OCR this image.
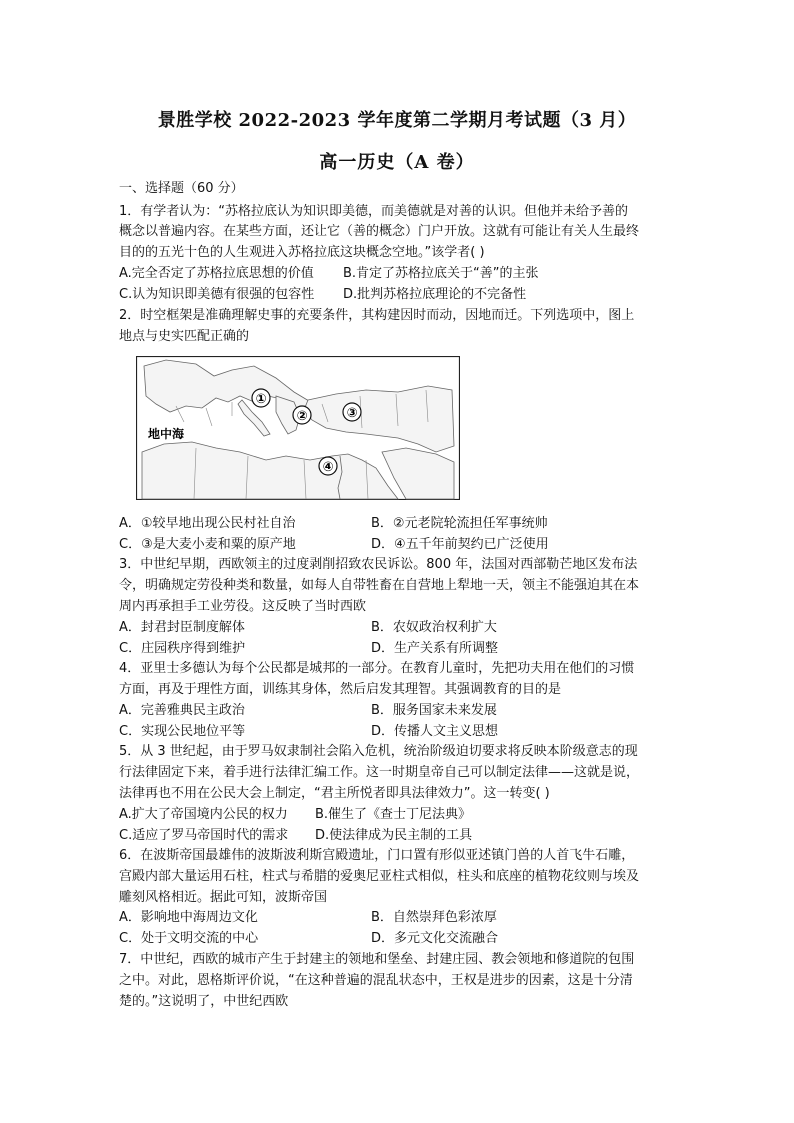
景胜学校 2022-2023 学年度第二学期月考试题（3 月）
高一历史（A 卷）
一、选择题（60 分）
1．有学者认为：“苏格拉底认为知识即美德，而美德就是对善的认识。但他并未给予善的
概念以普遍内容。在某些方面，还让它（善的概念）门户开放。这就有可能让有关人生最终
目的的五光十色的人生观进入苏格拉底这块概念空地。”该学者( )
A.完全否定了苏格拉底思想的价值 B.肯定了苏格拉底关于“善”的主张
C.认为知识即美德有很强的包容性 D.批判苏格拉底理论的不完备性
2．时空框架是准确理解史事的充要条件，其构建因时而动，因地而迁。下列选项中，图上
地点与史实匹配正确的
①
②	③
④
地中海
A．①较早地出现公民村社自治	B．②元老院轮流担任军事统帅
C．③是大麦小麦和粟的原产地	D．④五千年前契约已广泛使用
3．中世纪早期，西欧领主的过度剥削招致农民诉讼。800 年，法国对西部勒芒地区发布法
令，明确规定劳役种类和数量，如每人自带牲畜在自营地上犁地一天，领主不能强迫其在本
周内再承担手工业劳役。这反映了当时西欧
A．封君封臣制度解体	B．农奴政治权利扩大
C．庄园秩序得到维护	D．生产关系有所调整
4．亚里士多德认为每个公民都是城邦的一部分。在教育儿童时，先把功夫用在他们的习惯
方面，再及于理性方面，训练其身体，然后启发其理智。其强调教育的目的是
A．完善雅典民主政治	B．服务国家未来发展
C．实现公民地位平等	D．传播人文主义思想
5．从 3 世纪起，由于罗马奴隶制社会陷入危机，统治阶级迫切要求将反映本阶级意志的现
行法律固定下来，着手进行法律汇编工作。这一时期皇帝自己可以制定法律——这就是说，
法律再也不用在公民大会上制定，“君主所悦者即具法律效力”。这一转变( )
A.扩大了帝国境内公民的权力 B.催生了《查士丁尼法典》
C.适应了罗马帝国时代的需求 D.使法律成为民主制的工具
6．在波斯帝国最雄伟的波斯波利斯宫殿遗址，门口置有形似亚述镇门兽的人首飞牛石雕，
宫殿内部大量运用石柱，柱式与希腊的爱奥尼亚柱式相似，柱头和底座的植物花纹则与埃及
雕刻风格相近。据此可知，波斯帝国
A．影响地中海周边文化	B．自然崇拜色彩浓厚
C．处于文明交流的中心	D．多元文化交流融合
7．中世纪，西欧的城市产生于封建主的领地和堡垒、封建庄园、教会领地和修道院的包围
之中。对此，恩格斯评价说，“在这种普遍的混乱状态中，王权是进步的因素，这是十分清
楚的。”这说明了，中世纪西欧
